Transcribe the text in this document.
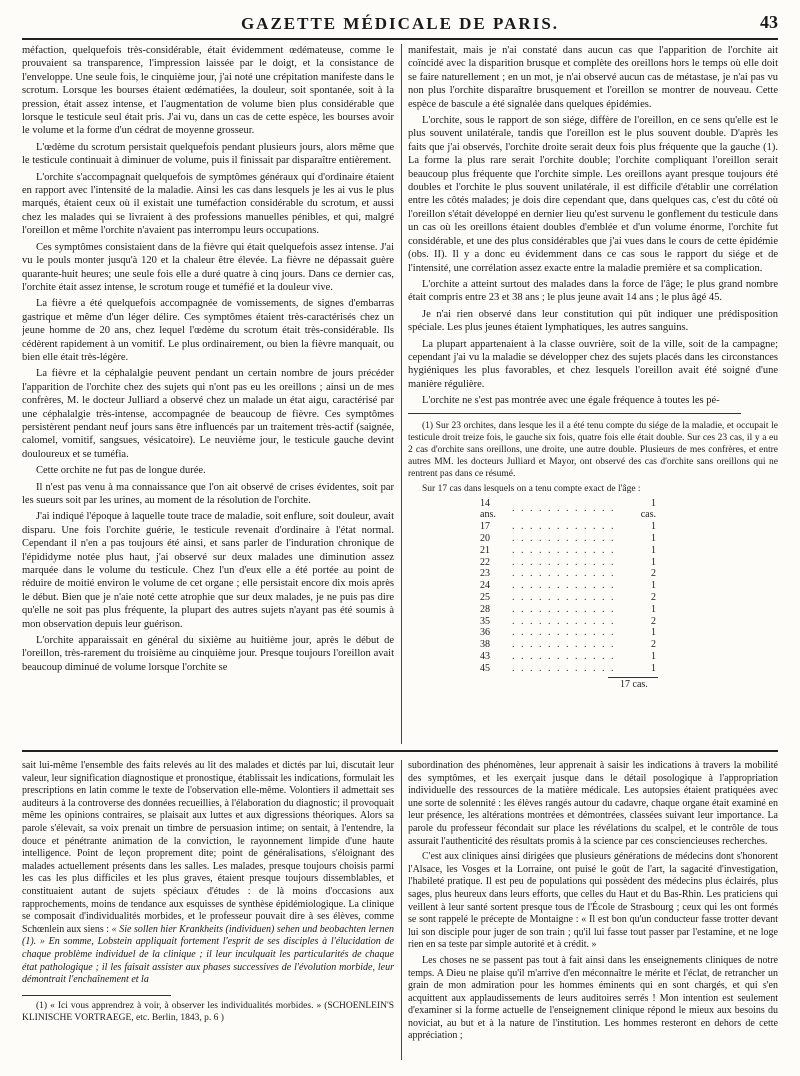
GAZETTE MÉDICALE DE PARIS.	43

méfaction, quelquefois très-considérable, était évidemment œdémateuse, comme le prouvaient sa transparence, l'impression laissée par le doigt, et la consistance de l'enveloppe. Une seule fois, le cinquième jour, j'ai noté une crépitation manifeste dans le scrotum. Lorsque les bourses étaient œdématiées, la douleur, soit spontanée, soit à la pression, était assez intense, et l'augmentation de volume bien plus considérable que lorsque le testicule seul était pris. J'ai vu, dans un cas de cette espèce, les bourses avoir le volume et la forme d'un cédrat de moyenne grosseur.

L'œdème du scrotum persistait quelquefois pendant plusieurs jours, alors même que le testicule continuait à diminuer de volume, puis il finissait par disparaître entièrement.

L'orchite s'accompagnait quelquefois de symptômes généraux qui d'ordinaire étaient en rapport avec l'intensité de la maladie. Ainsi les cas dans lesquels je les ai vus le plus marqués, étaient ceux où il existait une tuméfaction considérable du scrotum, et aussi chez les malades qui se livraient à des professions manuelles pénibles, et qui, malgré l'oreillon et même l'orchite n'avaient pas interrompu leurs occupations.

Ces symptômes consistaient dans de la fièvre qui était quelquefois assez intense. J'ai vu le pouls monter jusqu'à 120 et la chaleur être élevée. La fièvre ne dépassait guère quarante-huit heures; une seule fois elle a duré quatre à cinq jours. Dans ce dernier cas, l'orchite était assez intense, le scrotum rouge et tuméfié et la douleur vive.

La fièvre a été quelquefois accompagnée de vomissements, de signes d'embarras gastrique et même d'un léger délire. Ces symptômes étaient très-caractérisés chez un jeune homme de 20 ans, chez lequel l'œdème du scrotum était très-considérable. Ils cédèrent rapidement à un vomitif. Le plus ordinairement, ou bien la fièvre manquait, ou bien elle était très-légère.

La fièvre et la céphalalgie peuvent pendant un certain nombre de jours précéder l'apparition de l'orchite chez des sujets qui n'ont pas eu les oreillons ; ainsi un de mes confrères, M. le docteur Julliard a observé chez un malade un état aigu, caractérisé par une céphalalgie très-intense, accompagnée de beaucoup de fièvre. Ces symptômes persistèrent pendant neuf jours sans être influencés par un traitement très-actif (saignée, calomel, vomitif, sangsues, vésicatoire). Le neuvième jour, le testicule gauche devint douloureux et se tuméfia.

Cette orchite ne fut pas de longue durée.

Il n'est pas venu à ma connaissance que l'on ait observé de crises évidentes, soit par les sueurs soit par les urines, au moment de la résolution de l'orchite.

J'ai indiqué l'époque à laquelle toute trace de maladie, soit enflure, soit douleur, avait disparu. Une fois l'orchite guérie, le testicule revenait d'ordinaire à l'état normal. Cependant il n'en a pas toujours été ainsi, et sans parler de l'induration chronique de l'épididyme notée plus haut, j'ai observé sur deux malades une diminution assez marquée dans le volume du testicule. Chez l'un d'eux elle a été portée au point de réduire de moitié environ le volume de cet organe ; elle persistait encore dix mois après le début. Bien que je n'aie noté cette atrophie que sur deux malades, je ne puis pas dire qu'elle ne soit pas plus fréquente, la plupart des autres sujets n'ayant pas été soumis à mon observation depuis leur guérison.

L'orchite apparaissait en général du sixième au huitième jour, après le début de l'oreillon, très-rarement du troisième au cinquième jour. Presque toujours l'oreillon avait beaucoup diminué de volume lorsque l'orchite se

manifestait, mais je n'ai constaté dans aucun cas que l'apparition de l'orchite ait coïncidé avec la disparition brusque et complète des oreillons hors le temps où elle doit se faire naturellement ; en un mot, je n'ai observé aucun cas de métastase, je n'ai pas vu non plus l'orchite disparaître brusquement et l'oreillon se montrer de nouveau. Cette espèce de bascule a été signalée dans quelques épidémies.

L'orchite, sous le rapport de son siége, diffère de l'oreillon, en ce sens qu'elle est le plus souvent unilatérale, tandis que l'oreillon est le plus souvent double. D'après les faits que j'ai observés, l'orchite droite serait deux fois plus fréquente que la gauche (1). La forme la plus rare serait l'orchite double; l'orchite compliquant l'oreillon serait beaucoup plus fréquente que l'orchite simple. Les oreillons ayant presque toujours été doubles et l'orchite le plus souvent unilatérale, il est difficile d'établir une corrélation entre les côtés malades; je dois dire cependant que, dans quelques cas, c'est du côté où l'oreillon s'était développé en dernier lieu qu'est survenu le gonflement du testicule dans un cas où les oreillons étaient doubles d'emblée et d'un volume énorme, l'orchite fut considérable, et une des plus considérables que j'ai vues dans le cours de cette épidémie (obs. II). Il y a donc eu évidemment dans ce cas sous le rapport du siége et de l'intensité, une corrélation assez exacte entre la maladie première et sa complication.

L'orchite a atteint surtout des malades dans la force de l'âge; le plus grand nombre était compris entre 23 et 38 ans ; le plus jeune avait 14 ans ; le plus âgé 45.

Je n'ai rien observé dans leur constitution qui pût indiquer une prédisposition spéciale. Les plus jeunes étaient lymphatiques, les autres sanguins.

La plupart appartenaient à la classe ouvrière, soit de la ville, soit de la campagne; cependant j'ai vu la maladie se développer chez des sujets placés dans les circonstances hygiéniques les plus favorables, et chez lesquels l'oreillon avait été soigné d'une manière régulière.

L'orchite ne s'est pas montrée avec une égale fréquence à toutes les pé-

(1) Sur 23 orchites, dans lesque les il a été tenu compte du siége de la maladie, et occupait le testicule droit treize fois, le gauche six fois, quatre fois elle était double. Sur ces 23 cas, il y a eu 2 cas d'orchite sans oreillons, une droite, une autre double. Plusieurs de mes confrères, et entre autres MM. les docteurs Julliard et Mayor, ont observé des cas d'orchite sans oreillons qui ne rentrent pas dans ce résumé.

Sur 17 cas dans lesquels on a tenu compte exact de l'âge :

14 ans.	. . . . . . . . . . . .	1 cas.
17	. . . . . . . . . . . .	1
20	. . . . . . . . . . . .	1
21	. . . . . . . . . . . .	1
22	. . . . . . . . . . . .	1
23	. . . . . . . . . . . .	2
24	. . . . . . . . . . . .	1
25	. . . . . . . . . . . .	2
28	. . . . . . . . . . . .	1
35	. . . . . . . . . . . .	2
36	. . . . . . . . . . . .	1
38	. . . . . . . . . . . .	2
43	. . . . . . . . . . . .	1
45	. . . . . . . . . . . .	1
17 cas.

sait lui-même l'ensemble des faits relevés au lit des malades et dictés par lui, discutait leur valeur, leur signification diagnostique et pronostique, établissait les indications, formulait les prescriptions en latin comme le texte de l'observation elle-même. Volontiers il admettait ses auditeurs à la controverse des données recueillies, à l'élaboration du diagnostic; il provoquait même les opinions contraires, se plaisait aux luttes et aux digressions théoriques. Alors sa parole s'élevait, sa voix prenait un timbre de persuasion intime; on sentait, à l'entendre, la douce et pénétrante animation de la conviction, le rayonnement limpide d'une haute intelligence. Point de leçon proprement dite; point de généralisations, s'éloignant des malades actuellement présents dans les salles. Les malades, presque toujours choisis parmi les cas les plus difficiles et les plus graves, étaient presque toujours dissemblables, et constituaient autant de sujets spéciaux d'études : de là moins d'occasions aux rapprochements, moins de tendance aux esquisses de synthèse épidémiologique. La clinique se composait d'individualités morbides, et le professeur pouvait dire à ses élèves, comme Schœnlein aux siens : « Sie sollen hier Krankheits (individuen) sehen und beobachten lernen (1). » En somme, Lobstein appliquait fortement l'esprit de ses disciples à l'élucidation de chaque problème individuel de la clinique ; il leur inculquait les particularités de chaque état pathologique ; il les faisait assister aux phases successives de l'évolution morbide, leur démontrait l'enchaînement et la

(1) « Ici vous apprendrez à voir, à observer les individualités morbides. » (SCHOENLEIN'S KLINISCHE VORTRAEGE, etc. Berlin, 1843, p. 6 )

subordination des phénomènes, leur apprenait à saisir les indications à travers la mobilité des symptômes, et les exerçait jusque dans le détail posologique à l'appropriation individuelle des ressources de la matière médicale. Les autopsies étaient pratiquées avec une sorte de solennité : les élèves rangés autour du cadavre, chaque organe était examiné en leur présence, les altérations montrées et démontrées, classées suivant leur importance. La parole du professeur fécondait sur place les révélations du scalpel, et le contrôle de tous assurait l'authenticité des résultats promis à la science par ces consciencieuses recherches.

C'est aux cliniques ainsi dirigées que plusieurs générations de médecins dont s'honorent l'Alsace, les Vosges et la Lorraine, ont puisé le goût de l'art, la sagacité d'investigation, l'habileté pratique. Il est peu de populations qui possèdent des médecins plus éclairés, plus sages, plus heureux dans leurs efforts, que celles du Haut et du Bas-Rhin. Les praticiens qui veillent à leur santé sortent presque tous de l'École de Strasbourg ; ceux qui les ont formés se sont rappelé le précepte de Montaigne : « Il est bon qu'un conducteur fasse trotter devant lui son disciple pour juger de son train ; qu'il lui fasse tout passer par l'estamine, et ne loge rien en sa teste par simple autorité et à crédit. »

Les choses ne se passent pas tout à fait ainsi dans les enseignements cliniques de notre temps. A Dieu ne plaise qu'il m'arrive d'en méconnaître le mérite et l'éclat, de retrancher un grain de mon admiration pour les hommes éminents qui en sont chargés, et qui s'en acquittent aux applaudissements de leurs auditoires serrés ! Mon intention est seulement d'examiner si la forme actuelle de l'enseignement clinique répond le mieux aux besoins du noviciat, au but et à la nature de l'institution. Les hommes resteront en dehors de cette appréciation ;
